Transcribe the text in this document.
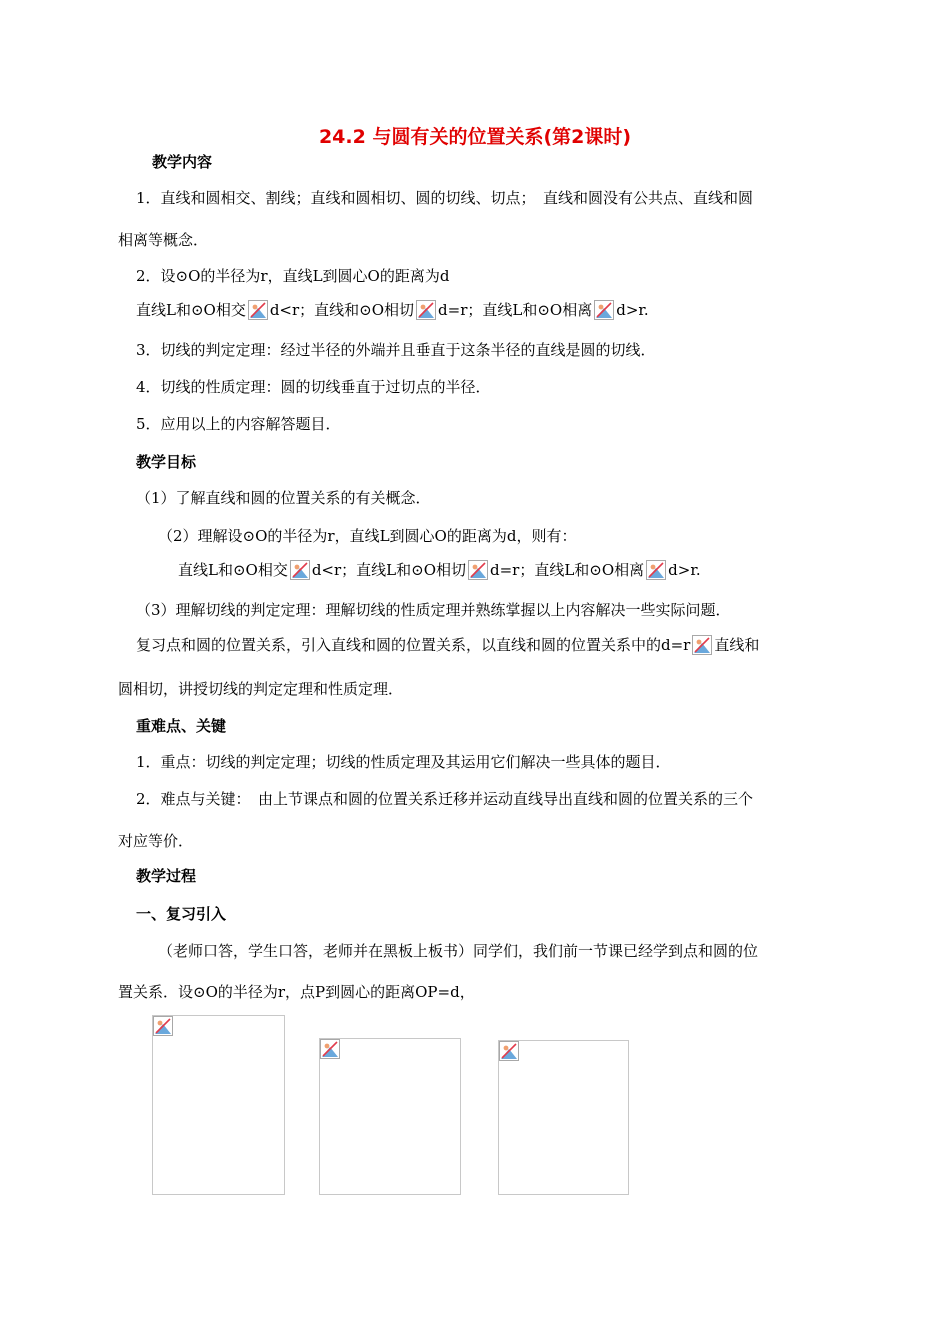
24.2 与圆有关的位置关系(第2课时)
教学内容
1．直线和圆相交、割线；直线和圆相切、圆的切线、切点；　直线和圆没有公共点、直线和圆
相离等概念．
2．设⊙O的半径为r，直线L到圆心O的距离为d
直线L和⊙O相交 d<r；直线和⊙O相切 d=r；直线L和⊙O相离 d>r.
3．切线的判定定理：经过半径的外端并且垂直于这条半径的直线是圆的切线．
4．切线的性质定理：圆的切线垂直于过切点的半径．
5．应用以上的内容解答题目．
教学目标
（1）了解直线和圆的位置关系的有关概念．
（2）理解设⊙O的半径为r，直线L到圆心O的距离为d，则有：
直线L和⊙O相交 d<r；直线L和⊙O相切 d=r；直线L和⊙O相离 d>r.
（3）理解切线的判定定理：理解切线的性质定理并熟练掌握以上内容解决一些实际问题．
复习点和圆的位置关系，引入直线和圆的位置关系，以直线和圆的位置关系中的d=r 直线和
圆相切，讲授切线的判定定理和性质定理．
重难点、关键
1．重点：切线的判定定理；切线的性质定理及其运用它们解决一些具体的题目．
2．难点与关键：　由上节课点和圆的位置关系迁移并运动直线导出直线和圆的位置关系的三个
对应等价．
教学过程
一、复习引入
（老师口答，学生口答，老师并在黑板上板书）同学们，我们前一节课已经学到点和圆的位
置关系．设⊙O的半径为r，点P到圆心的距离OP=d，
